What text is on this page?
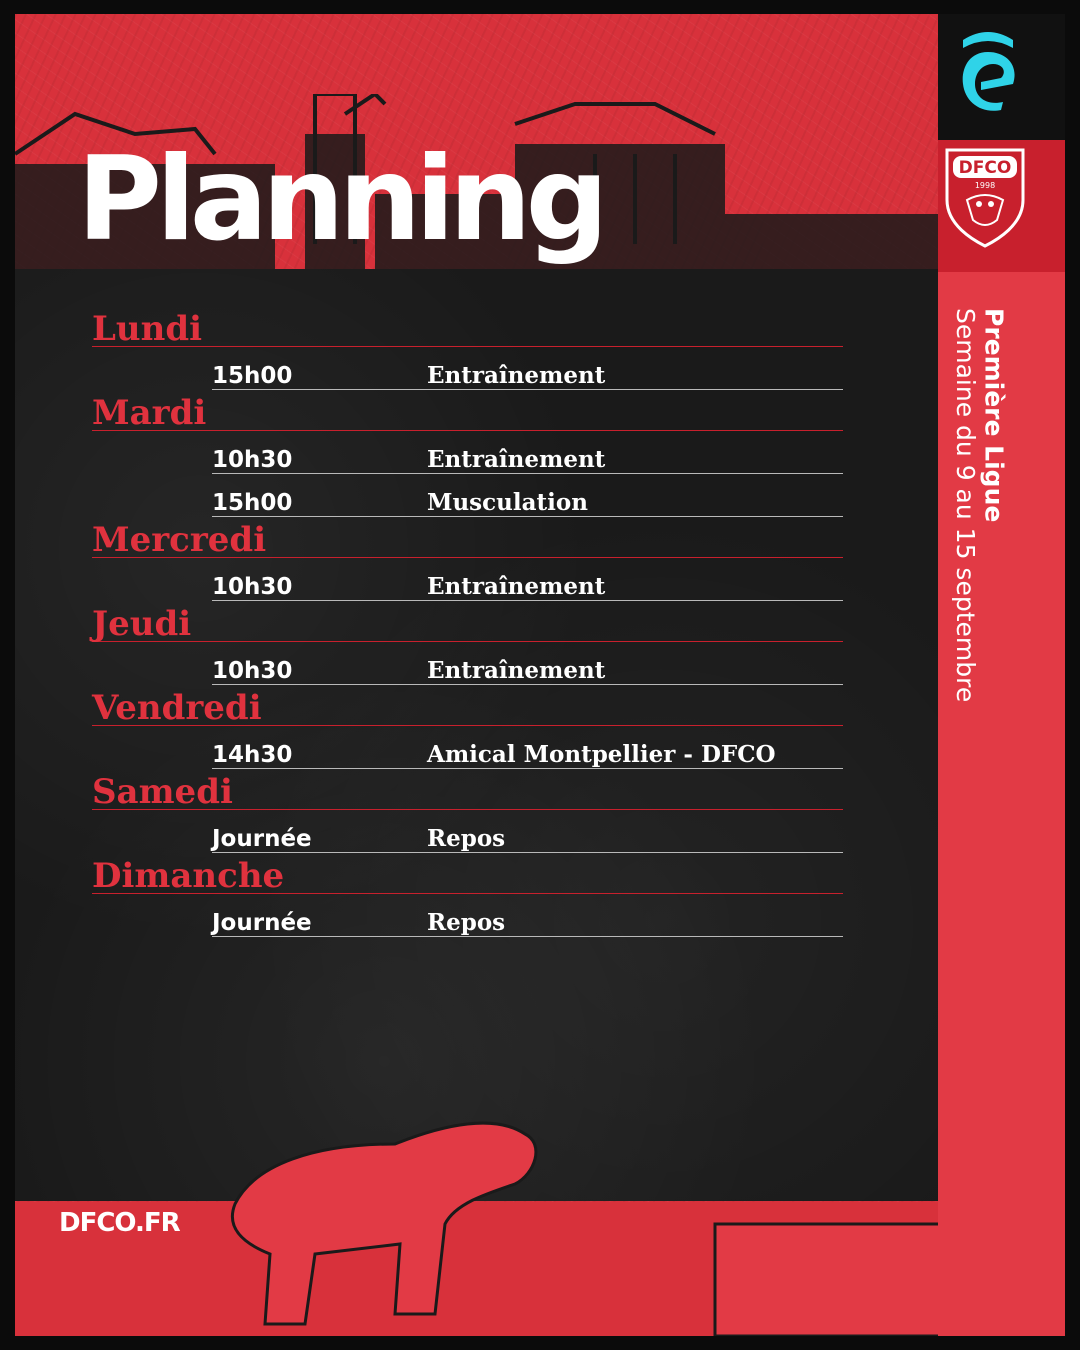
Planning
Lundi
15h00	Entraînement
Mardi
10h30	Entraînement
15h00	Musculation
Mercredi
10h30	Entraînement
Jeudi
10h30	Entraînement
Vendredi
14h30	Amical Montpellier - DFCO
Samedi
Journée	Repos
Dimanche
Journée	Repos
DFCO
1998
Première Ligue
Semaine du 9 au 15 septembre
DFCO.FR
